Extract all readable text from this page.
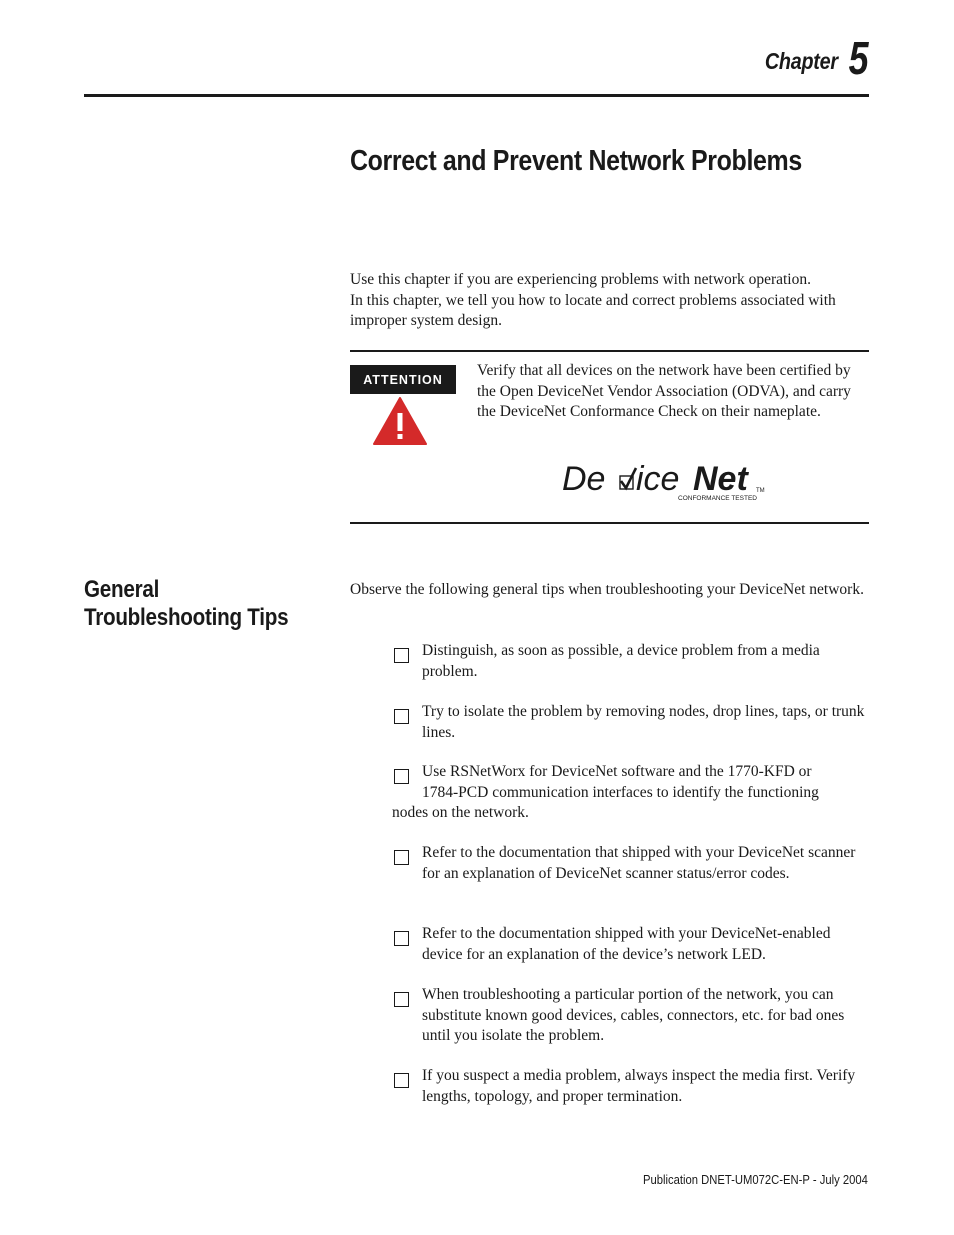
Chapter 5
Correct and Prevent Network Problems
Use this chapter if you are experiencing problems with network operation.
In this chapter, we tell you how to locate and correct problems associated with improper system design.
ATTENTION

Verify that all devices on the network have been certified by the Open DeviceNet Vendor Association (ODVA), and carry the DeviceNet Conformance Check on their nameplate.

De ice Net TM
CONFORMANCE TESTED
General Troubleshooting Tips

Observe the following general tips when troubleshooting your DeviceNet network.

Distinguish, as soon as possible, a device problem from a media problem.

Try to isolate the problem by removing nodes, drop lines, taps, or trunk lines.

Use RSNetWorx for DeviceNet software and the 1770-KFD or
1784-PCD communication interfaces to identify the functioning
nodes on the network.

Refer to the documentation that shipped with your DeviceNet scanner for an explanation of DeviceNet scanner status/error codes.

Refer to the documentation shipped with your DeviceNet-enabled device for an explanation of the device’s network LED.

When troubleshooting a particular portion of the network, you can substitute known good devices, cables, connectors, etc. for bad ones until you isolate the problem.

If you suspect a media problem, always inspect the media first. Verify lengths, topology, and proper termination.

Publication DNET-UM072C-EN-P - July 2004
